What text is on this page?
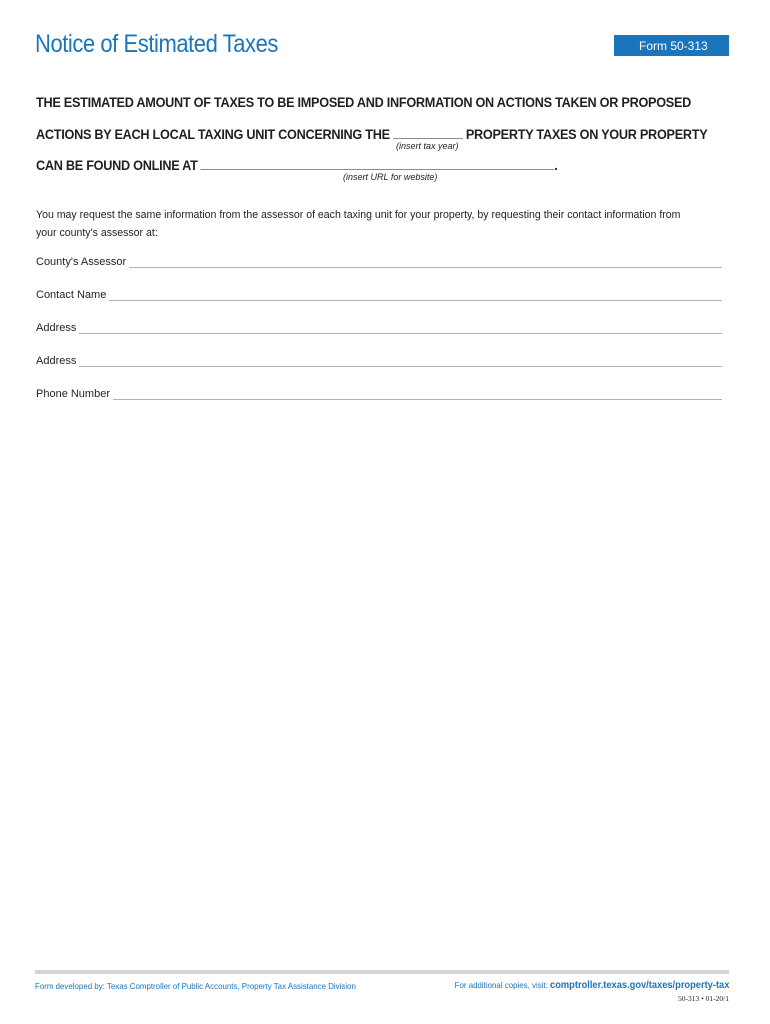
Notice of Estimated Taxes	Form 50-313
THE ESTIMATED AMOUNT OF TAXES TO BE IMPOSED AND INFORMATION ON ACTIONS TAKEN OR PROPOSED
ACTIONS BY EACH LOCAL TAXING UNIT CONCERNING THE	PROPERTY TAXES ON YOUR PROPERTY
(insert tax year)
CAN BE FOUND ONLINE AT	.
(insert URL for website)
You may request the same information from the assessor of each taxing unit for your property, by requesting their contact information from your county's assessor at:
County's Assessor
Contact Name
Address
Address
Phone Number
Form developed by: Texas Comptroller of Public Accounts, Property Tax Assistance Division	For additional copies, visit: comptroller.texas.gov/taxes/property-tax
50-313 • 01-20/1
